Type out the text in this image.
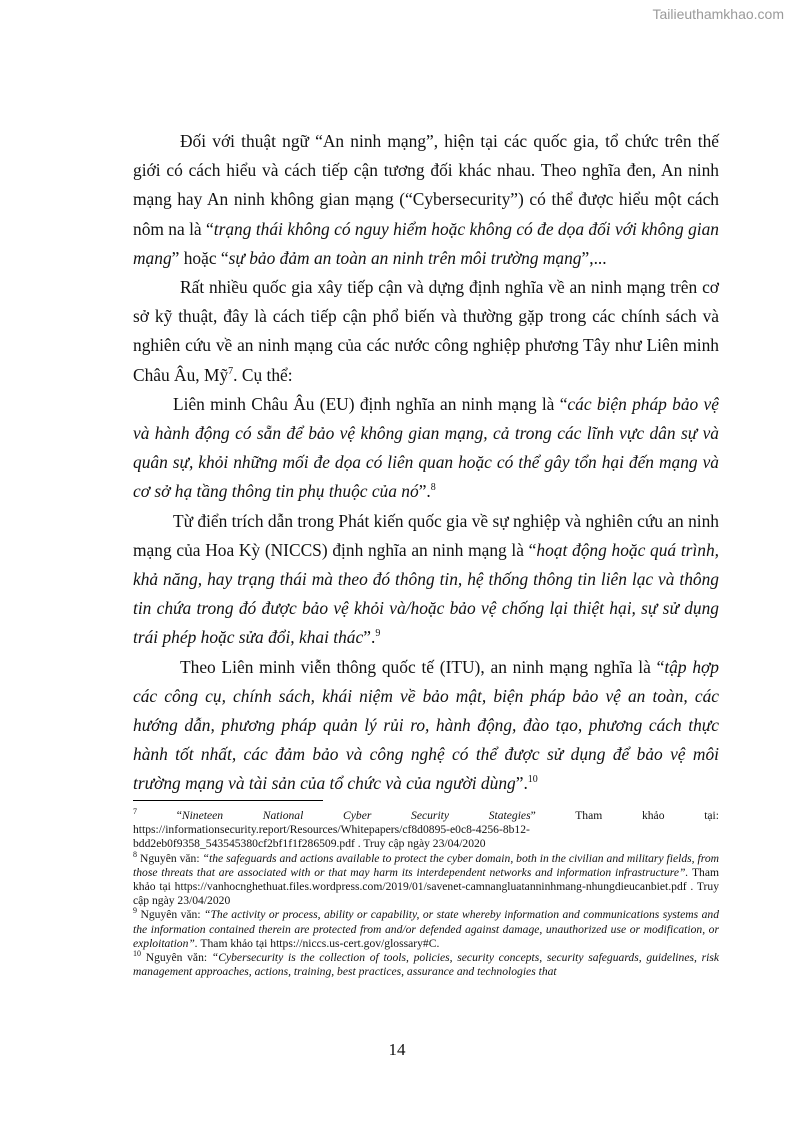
Tailieuthamkhao.com

Đối với thuật ngữ “An ninh mạng”, hiện tại các quốc gia, tổ chức trên thế giới có cách hiểu và cách tiếp cận tương đối khác nhau. Theo nghĩa đen, An ninh mạng hay An ninh không gian mạng (“Cybersecurity”) có thể được hiểu một cách nôm na là “trạng thái không có nguy hiểm hoặc không có đe dọa đối với không gian mạng” hoặc “sự bảo đảm an toàn an ninh trên môi trường mạng”,...

Rất nhiều quốc gia xây tiếp cận và dựng định nghĩa về an ninh mạng trên cơ sở kỹ thuật, đây là cách tiếp cận phổ biến và thường gặp trong các chính sách và nghiên cứu về an ninh mạng của các nước công nghiệp phương Tây như Liên minh Châu Âu, Mỹ$^7$. Cụ thể:

Liên minh Châu Âu (EU) định nghĩa an ninh mạng là “các biện pháp bảo vệ và hành động có sẵn để bảo vệ không gian mạng, cả trong các lĩnh vực dân sự và quân sự, khỏi những mối đe dọa có liên quan hoặc có thể gây tổn hại đến mạng và cơ sở hạ tầng thông tin phụ thuộc của nó”.$^8$

Từ điển trích dẫn trong Phát kiến quốc gia về sự nghiệp và nghiên cứu an ninh mạng của Hoa Kỳ (NICCS) định nghĩa an ninh mạng là “hoạt động hoặc quá trình, khả năng, hay trạng thái mà theo đó thông tin, hệ thống thông tin liên lạc và thông tin chứa trong đó được bảo vệ khỏi và/hoặc bảo vệ chống lại thiệt hại, sự sử dụng trái phép hoặc sửa đổi, khai thác”.$^9$

Theo Liên minh viễn thông quốc tế (ITU), an ninh mạng nghĩa là “tập hợp các công cụ, chính sách, khái niệm về bảo mật, biện pháp bảo vệ an toàn, các hướng dẫn, phương pháp quản lý rủi ro, hành động, đào tạo, phương cách thực hành tốt nhất, các đảm bảo và công nghệ có thể được sử dụng để bảo vệ môi trường mạng và tài sản của tổ chức và của người dùng”.$^{10}$

$^7$ “Nineteen National Cyber Security Stategies” Tham khảo tại: https://informationsecurity.report/Resources/Whitepapers/cf8d0895-e0c8-4256-8b12-bdd2eb0f9358_543545380cf2bf1f1f286509.pdf . Truy cập ngày 23/04/2020

$^8$ Nguyên văn: “the safeguards and actions available to protect the cyber domain, both in the civilian and military fields, from those threats that are associated with or that may harm its interdependent networks and information infrastructure”. Tham khảo tại https://vanhocnghethuat.files.wordpress.com/2019/01/savenet-camnangluatanninhmang-nhungdieucanbiet.pdf . Truy cập ngày 23/04/2020

$^9$ Nguyên văn: “The activity or process, ability or capability, or state whereby information and communications systems and the information contained therein are protected from and/or defended against damage, unauthorized use or modification, or exploitation”. Tham khảo tại https://niccs.us-cert.gov/glossary#C.

$^{10}$ Nguyên văn: “Cybersecurity is the collection of tools, policies, security concepts, security safeguards, guidelines, risk management approaches, actions, training, best practices, assurance and technologies that

14
